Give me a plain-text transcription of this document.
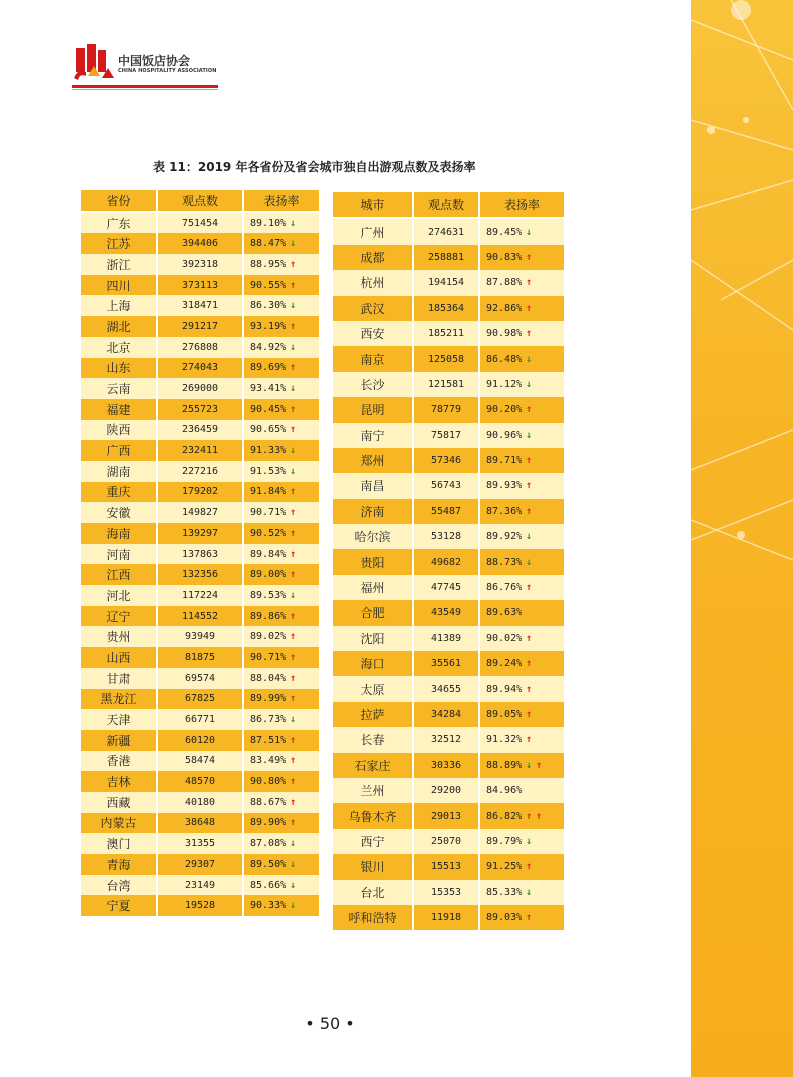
中国饭店协会
CHINA HOSPITALITY ASSOCIATION
表 11：2019 年各省份及省会城市独自出游观点数及表扬率
省份	观点数	表扬率
广东	751454	89.10% ↓
江苏	394406	88.47% ↓
浙江	392318	88.95% ↑
四川	373113	90.55% ↑
上海	318471	86.30% ↓
湖北	291217	93.19% ↑
北京	276808	84.92% ↓
山东	274043	89.69% ↑
云南	269000	93.41% ↓
福建	255723	90.45% ↑
陕西	236459	90.65% ↑
广西	232411	91.33% ↓
湖南	227216	91.53% ↓
重庆	179202	91.84% ↑
安徽	149827	90.71% ↑
海南	139297	90.52% ↑
河南	137863	89.84% ↑
江西	132356	89.00% ↑
河北	117224	89.53% ↓
辽宁	114552	89.86% ↑
贵州	93949	89.02% ↑
山西	81875	90.71% ↑
甘肃	69574	88.04% ↑
黑龙江	67825	89.99% ↑
天津	66771	86.73% ↓
新疆	60120	87.51% ↑
香港	58474	83.49% ↑
吉林	48570	90.80% ↑
西藏	40180	88.67% ↑
内蒙古	38648	89.90% ↑
澳门	31355	87.08% ↓
青海	29307	89.50% ↓
台湾	23149	85.66% ↓
宁夏	19528	90.33% ↓
城市	观点数	表扬率
广州	274631	89.45% ↓
成都	258881	90.83% ↑
杭州	194154	87.88% ↑
武汉	185364	92.86% ↑
西安	185211	90.98% ↑
南京	125058	86.48% ↓
长沙	121581	91.12% ↓
昆明	78779	90.20% ↑
南宁	75817	90.96% ↓
郑州	57346	89.71% ↑
南昌	56743	89.93% ↑
济南	55487	87.36% ↑
哈尔滨	53128	89.92% ↓
贵阳	49682	88.73% ↓
福州	47745	86.76% ↑
合肥	43549	89.63%
沈阳	41389	90.02% ↑
海口	35561	89.24% ↑
太原	34655	89.94% ↑
拉萨	34284	89.05% ↑
长春	32512	91.32% ↑
石家庄	30336	88.89% ↓ ↑
兰州	29200	84.96%
乌鲁木齐	29013	86.82% ↑ ↑
西宁	25070	89.79% ↓
银川	15513	91.25% ↑
台北	15353	85.33% ↓
呼和浩特	11918	89.03% ↑
• 50 •
